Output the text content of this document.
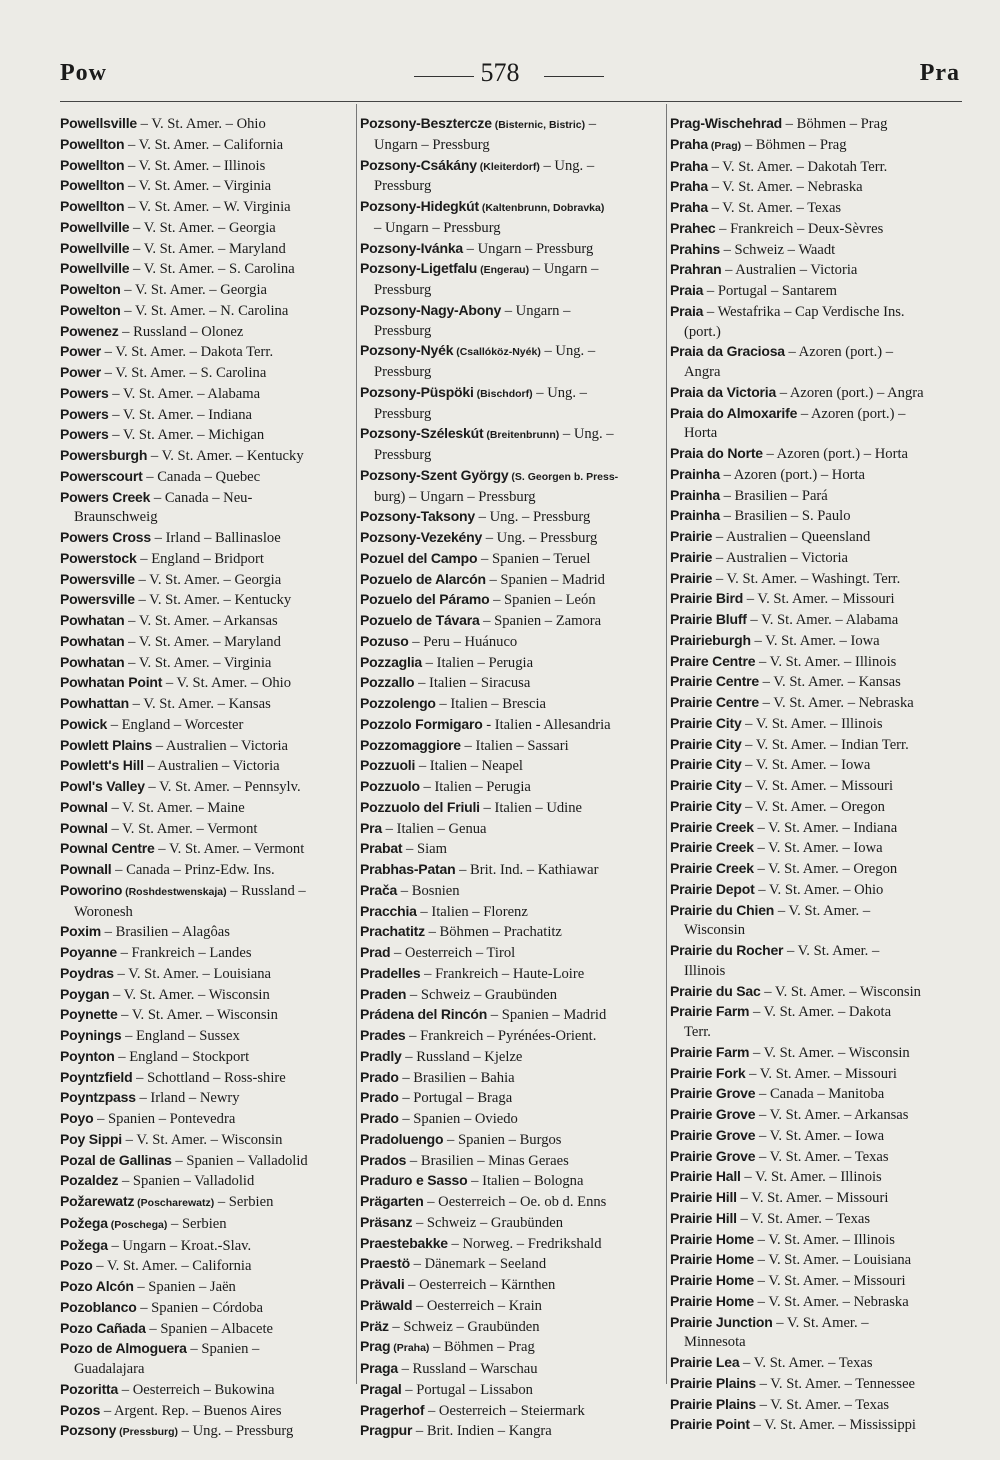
Pow	578	Pra
Powellsville – V. St. Amer. – Ohio
Powellton – V. St. Amer. – California
Powellton – V. St. Amer. – Illinois
Powellton – V. St. Amer. – Virginia
Powellton – V. St. Amer. – W. Virginia
Powellville – V. St. Amer. – Georgia
Powellville – V. St. Amer. – Maryland
Powellville – V. St. Amer. – S. Carolina
Powelton – V. St. Amer. – Georgia
Powelton – V. St. Amer. – N. Carolina
Powenez – Russland – Olonez
Power – V. St. Amer. – Dakota Terr.
Power – V. St. Amer. – S. Carolina
Powers – V. St. Amer. – Alabama
Powers – V. St. Amer. – Indiana
Powers – V. St. Amer. – Michigan
Powersburgh – V. St. Amer. – Kentucky
Powerscourt – Canada – Quebec
Powers Creek – Canada – Neu-
Braunschweig
Powers Cross – Irland – Ballinasloe
Powerstock – England – Bridport
Powersville – V. St. Amer. – Georgia
Powersville – V. St. Amer. – Kentucky
Powhatan – V. St. Amer. – Arkansas
Powhatan – V. St. Amer. – Maryland
Powhatan – V. St. Amer. – Virginia
Powhatan Point – V. St. Amer. – Ohio
Powhattan – V. St. Amer. – Kansas
Powick – England – Worcester
Powlett Plains – Australien – Victoria
Powlett's Hill – Australien – Victoria
Powl's Valley – V. St. Amer. – Pennsylv.
Pownal – V. St. Amer. – Maine
Pownal – V. St. Amer. – Vermont
Pownal Centre – V. St. Amer. – Vermont
Pownall – Canada – Prinz-Edw. Ins.
Poworino (Roshdestwenskaja) – Russland –
Woronesh
Poxim – Brasilien – Alagôas
Poyanne – Frankreich – Landes
Poydras – V. St. Amer. – Louisiana
Poygan – V. St. Amer. – Wisconsin
Poynette – V. St. Amer. – Wisconsin
Poynings – England – Sussex
Poynton – England – Stockport
Poyntzfield – Schottland – Ross-shire
Poyntzpass – Irland – Newry
Poyo – Spanien – Pontevedra
Poy Sippi – V. St. Amer. – Wisconsin
Pozal de Gallinas – Spanien – Valladolid
Pozaldez – Spanien – Valladolid
Požarewatz (Poscharewatz) – Serbien
Požega (Poschega) – Serbien
Požega – Ungarn – Kroat.-Slav.
Pozo – V. St. Amer. – California
Pozo Alcón – Spanien – Jaën
Pozoblanco – Spanien – Córdoba
Pozo Cañada – Spanien – Albacete
Pozo de Almoguera – Spanien –
Guadalajara
Pozoritta – Oesterreich – Bukowina
Pozos – Argent. Rep. – Buenos Aires
Pozsony (Pressburg) – Ung. – Pressburg
Pozsony-Besztercze (Bisternic, Bistric) –
Ungarn – Pressburg
Pozsony-Csákány (Kleiterdorf) – Ung. –
Pressburg
Pozsony-Hidegkút (Kaltenbrunn, Dobravka)
– Ungarn – Pressburg
Pozsony-Ivánka – Ungarn – Pressburg
Pozsony-Ligetfalu (Engerau) – Ungarn –
Pressburg
Pozsony-Nagy-Abony – Ungarn –
Pressburg
Pozsony-Nyék (Csallóköz-Nyék) – Ung. –
Pressburg
Pozsony-Püspöki (Bischdorf) – Ung. –
Pressburg
Pozsony-Széleskút (Breitenbrunn) – Ung. –
Pressburg
Pozsony-Szent György (S. Georgen b. Press-
burg) – Ungarn – Pressburg
Pozsony-Taksony – Ung. – Pressburg
Pozsony-Vezekény – Ung. – Pressburg
Pozuel del Campo – Spanien – Teruel
Pozuelo de Alarcón – Spanien – Madrid
Pozuelo del Páramo – Spanien – León
Pozuelo de Távara – Spanien – Zamora
Pozuso – Peru – Huánuco
Pozzaglia – Italien – Perugia
Pozzallo – Italien – Siracusa
Pozzolengo – Italien – Brescia
Pozzolo Formigaro - Italien - Allesandria
Pozzomaggiore – Italien – Sassari
Pozzuoli – Italien – Neapel
Pozzuolo – Italien – Perugia
Pozzuolo del Friuli – Italien – Udine
Pra – Italien – Genua
Prabat – Siam
Prabhas-Patan – Brit. Ind. – Kathiawar
Prača – Bosnien
Pracchia – Italien – Florenz
Prachatitz – Böhmen – Prachatitz
Prad – Oesterreich – Tirol
Pradelles – Frankreich – Haute-Loire
Praden – Schweiz – Graubünden
Prádena del Rincón – Spanien – Madrid
Prades – Frankreich – Pyrénées-Orient.
Pradly – Russland – Kjelze
Prado – Brasilien – Bahia
Prado – Portugal – Braga
Prado – Spanien – Oviedo
Pradoluengo – Spanien – Burgos
Prados – Brasilien – Minas Geraes
Praduro e Sasso – Italien – Bologna
Prägarten – Oesterreich – Oe. ob d. Enns
Präsanz – Schweiz – Graubünden
Praestebakke – Norweg. – Fredrikshald
Praestö – Dänemark – Seeland
Prävali – Oesterreich – Kärnthen
Präwald – Oesterreich – Krain
Präz – Schweiz – Graubünden
Prag (Praha) – Böhmen – Prag
Praga – Russland – Warschau
Pragal – Portugal – Lissabon
Pragerhof – Oesterreich – Steiermark
Pragpur – Brit. Indien – Kangra
Prag-Wischehrad – Böhmen – Prag
Praha (Prag) – Böhmen – Prag
Praha – V. St. Amer. – Dakotah Terr.
Praha – V. St. Amer. – Nebraska
Praha – V. St. Amer. – Texas
Prahec – Frankreich – Deux-Sèvres
Prahins – Schweiz – Waadt
Prahran – Australien – Victoria
Praia – Portugal – Santarem
Praia – Westafrika – Cap Verdische Ins.
(port.)
Praia da Graciosa – Azoren (port.) –
Angra
Praia da Victoria – Azoren (port.) – Angra
Praia do Almoxarife – Azoren (port.) –
Horta
Praia do Norte – Azoren (port.) – Horta
Prainha – Azoren (port.) – Horta
Prainha – Brasilien – Pará
Prainha – Brasilien – S. Paulo
Prairie – Australien – Queensland
Prairie – Australien – Victoria
Prairie – V. St. Amer. – Washingt. Terr.
Prairie Bird – V. St. Amer. – Missouri
Prairie Bluff – V. St. Amer. – Alabama
Prairieburgh – V. St. Amer. – Iowa
Praire Centre – V. St. Amer. – Illinois
Prairie Centre – V. St. Amer. – Kansas
Prairie Centre – V. St. Amer. – Nebraska
Prairie City – V. St. Amer. – Illinois
Prairie City – V. St. Amer. – Indian Terr.
Prairie City – V. St. Amer. – Iowa
Prairie City – V. St. Amer. – Missouri
Prairie City – V. St. Amer. – Oregon
Prairie Creek – V. St. Amer. – Indiana
Prairie Creek – V. St. Amer. – Iowa
Prairie Creek – V. St. Amer. – Oregon
Prairie Depot – V. St. Amer. – Ohio
Prairie du Chien – V. St. Amer. –
Wisconsin
Prairie du Rocher – V. St. Amer. –
Illinois
Prairie du Sac – V. St. Amer. – Wisconsin
Prairie Farm – V. St. Amer. – Dakota
Terr.
Prairie Farm – V. St. Amer. – Wisconsin
Prairie Fork – V. St. Amer. – Missouri
Prairie Grove – Canada – Manitoba
Prairie Grove – V. St. Amer. – Arkansas
Prairie Grove – V. St. Amer. – Iowa
Prairie Grove – V. St. Amer. – Texas
Prairie Hall – V. St. Amer. – Illinois
Prairie Hill – V. St. Amer. – Missouri
Prairie Hill – V. St. Amer. – Texas
Prairie Home – V. St. Amer. – Illinois
Prairie Home – V. St. Amer. – Louisiana
Prairie Home – V. St. Amer. – Missouri
Prairie Home – V. St. Amer. – Nebraska
Prairie Junction – V. St. Amer. –
Minnesota
Prairie Lea – V. St. Amer. – Texas
Prairie Plains – V. St. Amer. – Tennessee
Prairie Plains – V. St. Amer. – Texas
Prairie Point – V. St. Amer. – Mississippi
